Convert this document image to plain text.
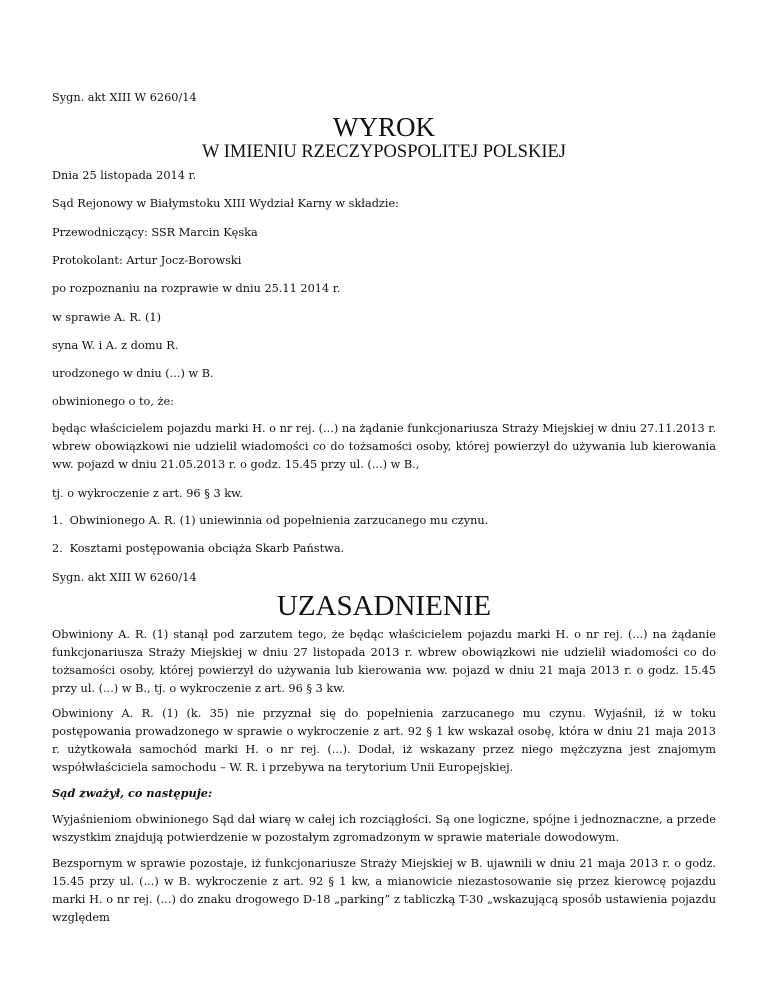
Sygn. akt XIII W 6260/14

WYROK
W IMIENIU RZECZYPOSPOLITEJ POLSKIEJ

Dnia 25 listopada 2014 r.

Sąd Rejonowy w Białymstoku XIII Wydział Karny w składzie:

Przewodniczący: SSR Marcin Kęska

Protokolant: Artur Jocz-Borowski

po rozpoznaniu na rozprawie w dniu 25.11 2014 r.

w sprawie A. R. (1)

syna W. i A. z domu R.

urodzonego w dniu (...) w B.

obwinionego o to, że:

będąc właścicielem pojazdu marki H. o nr rej. (...) na żądanie funkcjonariusza Straży Miejskiej w dniu 27.11.2013 r. wbrew obowiązkowi nie udzielił wiadomości co do tożsamości osoby, której powierzył do używania lub kierowania ww. pojazd w dniu 21.05.2013 r. o godz. 15.45 przy ul. (...) w B.,

tj. o wykroczenie z art. 96 § 3 kw.

1. Obwinionego A. R. (1) uniewinnia od popełnienia zarzucanego mu czynu.

2. Kosztami postępowania obciąża Skarb Państwa.

Sygn. akt XIII W 6260/14

UZASADNIENIE

Obwiniony A. R. (1) stanął pod zarzutem tego, że będąc właścicielem pojazdu marki H. o nr rej. (...) na żądanie funkcjonariusza Straży Miejskiej w dniu 27 listopada 2013 r. wbrew obowiązkowi nie udzielił wiadomości co do tożsamości osoby, której powierzył do używania lub kierowania ww. pojazd w dniu 21 maja 2013 r. o godz. 15.45 przy ul. (...) w B., tj. o wykroczenie z art. 96 § 3 kw.

Obwiniony A. R. (1) (k. 35) nie przyznał się do popełnienia zarzucanego mu czynu. Wyjaśnił, iż w toku postępowania prowadzonego w sprawie o wykroczenie z art. 92 § 1 kw wskazał osobę, która w dniu 21 maja 2013 r. użytkowała samochód marki H. o nr rej. (...). Dodał, iż wskazany przez niego mężczyzna jest znajomym współwłaściciela samochodu – W. R. i przebywa na terytorium Unii Europejskiej.

Sąd zważył, co następuje:

Wyjaśnieniom obwinionego Sąd dał wiarę w całej ich rozciągłości. Są one logiczne, spójne i jednoznaczne, a przede wszystkim znajdują potwierdzenie w pozostałym zgromadzonym w sprawie materiale dowodowym.

Bezspornym w sprawie pozostaje, iż funkcjonariusze Straży Miejskiej w B. ujawnili w dniu 21 maja 2013 r. o godz. 15.45 przy ul. (...) w B. wykroczenie z art. 92 § 1 kw, a mianowicie niezastosowanie się przez kierowcę pojazdu marki H. o nr rej. (...) do znaku drogowego D-18 „parking” z tabliczką T-30 „wskazującą sposób ustawienia pojazdu względem
